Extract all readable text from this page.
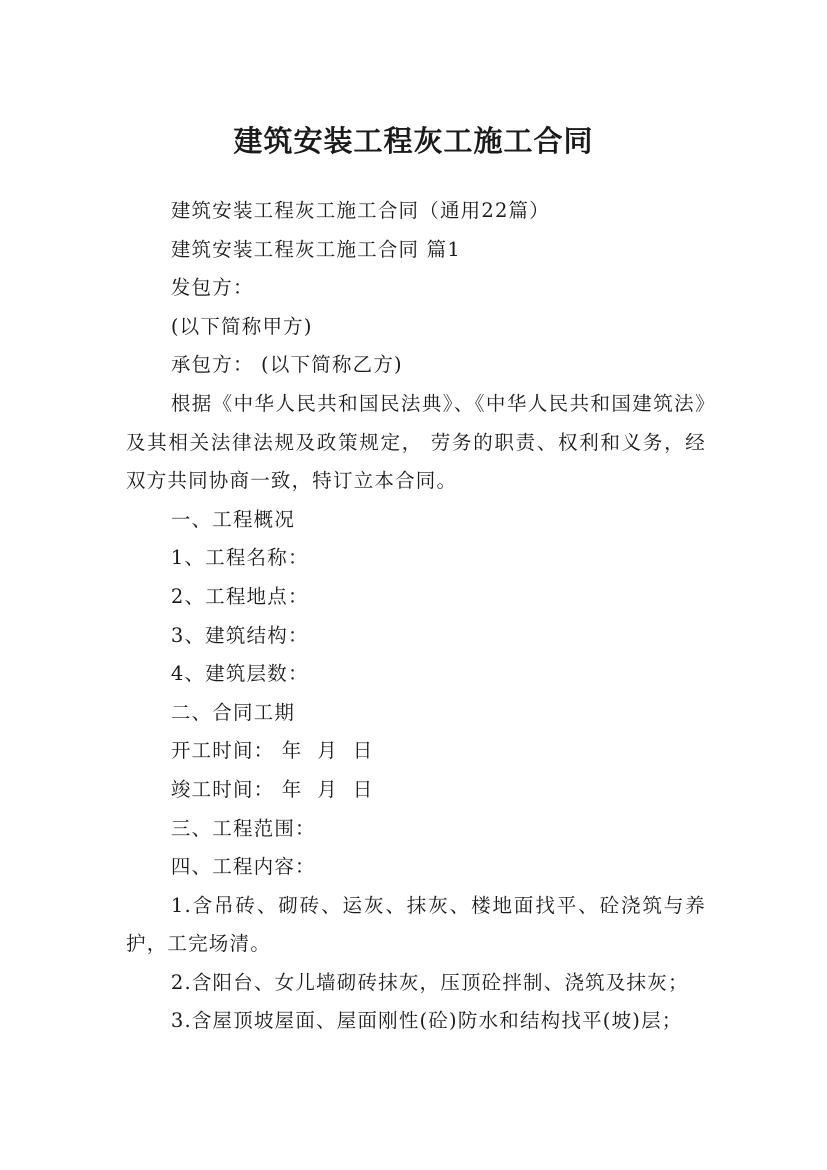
建筑安装工程灰工施工合同

建筑安装工程灰工施工合同（通用22篇）

建筑安装工程灰工施工合同 篇1

发包方：

(以下简称甲方)

承包方： (以下简称乙方)

根据《中华人民共和国民法典》、《中华人民共和国建筑法》及其相关法律法规及政策规定， 劳务的职责、权利和义务，经双方共同协商一致，特订立本合同。

一、工程概况

1、工程名称：

2、工程地点：

3、建筑结构：

4、建筑层数：

二、合同工期

开工时间： 年  月  日

竣工时间： 年  月  日

三、工程范围：

四、工程内容：

1.含吊砖、砌砖、运灰、抹灰、楼地面找平、砼浇筑与养护，工完场清。

2.含阳台、女儿墙砌砖抹灰，压顶砼拌制、浇筑及抹灰；

3.含屋顶坡屋面、屋面刚性(砼)防水和结构找平(坡)层；
